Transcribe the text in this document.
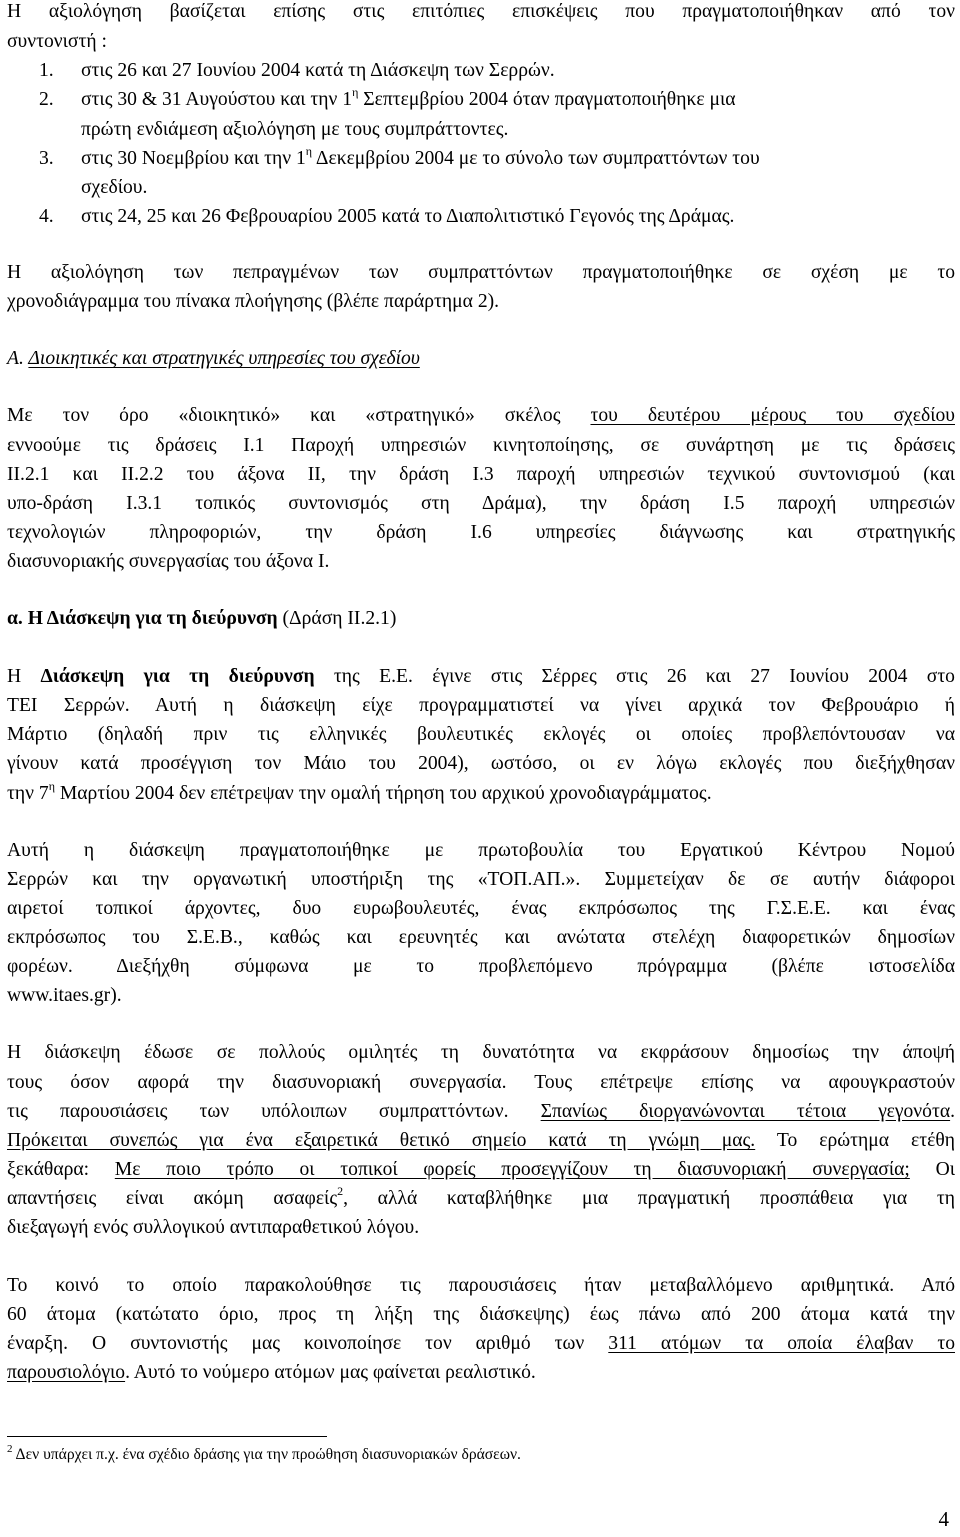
Η αξιολόγηση βασίζεται επίσης στις επιτόπιες επισκέψεις που πραγματοποιήθηκαν από τον
συντονιστή :
1. στις 26 και 27 Ιουνίου 2004 κατά τη Διάσκεψη των Σερρών.
2. στις 30 & 31 Αυγούστου και την $1^\eta$ Σεπτεμβρίου 2004 όταν πραγματοποιήθηκε μια
πρώτη ενδιάμεση αξιολόγηση με τους συμπράττοντες.
3. στις 30 Νοεμβρίου και την $1^\eta$ Δεκεμβρίου 2004 με το σύνολο των συμπραττόντων του
σχεδίου.
4. στις 24, 25 και 26 Φεβρουαρίου 2005 κατά το Διαπολιτιστικό Γεγονός της Δράμας.
Η αξιολόγηση των πεπραγμένων των συμπραττόντων πραγματοποιήθηκε σε σχέση με το
χρονοδιάγραμμα του πίνακα πλοήγησης (βλέπε παράρτημα 2).
Α. Διοικητικές και στρατηγικές υπηρεσίες του σχεδίου
Με τον όρο «διοικητικό» και «στρατηγικό» σκέλος του δευτέρου μέρους του σχεδίου
εννοούμε τις δράσεις Ι.1 Παροχή υπηρεσιών κινητοποίησης, σε συνάρτηση με τις δράσεις
ΙΙ.2.1 και ΙΙ.2.2 του άξονα ΙΙ, την δράση Ι.3 παροχή υπηρεσιών τεχνικού συντονισμού (και
υπο-δράση Ι.3.1 τοπικός συντονισμός στη Δράμα), την δράση Ι.5 παροχή υπηρεσιών
τεχνολογιών πληροφοριών, την δράση Ι.6 υπηρεσίες διάγνωσης και στρατηγικής
διασυνοριακής συνεργασίας του άξονα Ι.
α. Η Διάσκεψη για τη διεύρυνση (Δράση ΙΙ.2.1)
Η Διάσκεψη για τη διεύρυνση της Ε.Ε. έγινε στις Σέρρες στις 26 και 27 Ιουνίου 2004 στο
ΤΕΙ Σερρών. Αυτή η διάσκεψη είχε προγραμματιστεί να γίνει αρχικά τον Φεβρουάριο ή
Μάρτιο (δηλαδή πριν τις ελληνικές βουλευτικές εκλογές οι οποίες προβλεπόντουσαν να
γίνουν κατά προσέγγιση τον Μάιο του 2004), ωστόσο, οι εν λόγω εκλογές που διεξήχθησαν
την $7^\eta$ Μαρτίου 2004 δεν επέτρεψαν την ομαλή τήρηση του αρχικού χρονοδιαγράμματος.
Αυτή η διάσκεψη πραγματοποιήθηκε με πρωτοβουλία του Εργατικού Κέντρου Νομού
Σερρών και την οργανωτική υποστήριξη της «ΤΟΠ.ΑΠ.». Συμμετείχαν δε σε αυτήν διάφοροι
αιρετοί τοπικοί άρχοντες, δυο ευρωβουλευτές, ένας εκπρόσωπος της Γ.Σ.Ε.Ε. και ένας
εκπρόσωπος του Σ.Ε.Β., καθώς και ερευνητές και ανώτατα στελέχη διαφορετικών δημοσίων
φορέων. Διεξήχθη σύμφωνα με το προβλεπόμενο πρόγραμμα (βλέπε ιστοσελίδα
www.itaes.gr).
Η διάσκεψη έδωσε σε πολλούς ομιλητές τη δυνατότητα να εκφράσουν δημοσίως την άποψή
τους όσον αφορά την διασυνοριακή συνεργασία. Τους επέτρεψε επίσης να αφουγκραστούν
τις παρουσιάσεις των υπόλοιπων συμπραττόντων. Σπανίως διοργανώνονται τέτοια γεγονότα.
Πρόκειται συνεπώς για ένα εξαιρετικά θετικό σημείο κατά τη γνώμη μας. Το ερώτημα ετέθη
ξεκάθαρα: Με ποιο τρόπο οι τοπικοί φορείς προσεγγίζουν τη διασυνοριακή συνεργασία; Οι
απαντήσεις είναι ακόμη ασαφείς$^2$, αλλά καταβλήθηκε μια πραγματική προσπάθεια για τη
διεξαγωγή ενός συλλογικού αντιπαραθετικού λόγου.
Το κοινό το οποίο παρακολούθησε τις παρουσιάσεις ήταν μεταβαλλόμενο αριθμητικά. Από
60 άτομα (κατώτατο όριο, προς τη λήξη της διάσκεψης) έως πάνω από 200 άτομα κατά την
έναρξη. Ο συντονιστής μας κοινοποίησε τον αριθμό των 311 ατόμων τα οποία έλαβαν το
παρουσιολόγιο. Αυτό το νούμερο ατόμων μας φαίνεται ρεαλιστικό.
$^2$ Δεν υπάρχει π.χ. ένα σχέδιο δράσης για την προώθηση διασυνοριακών δράσεων.
4
